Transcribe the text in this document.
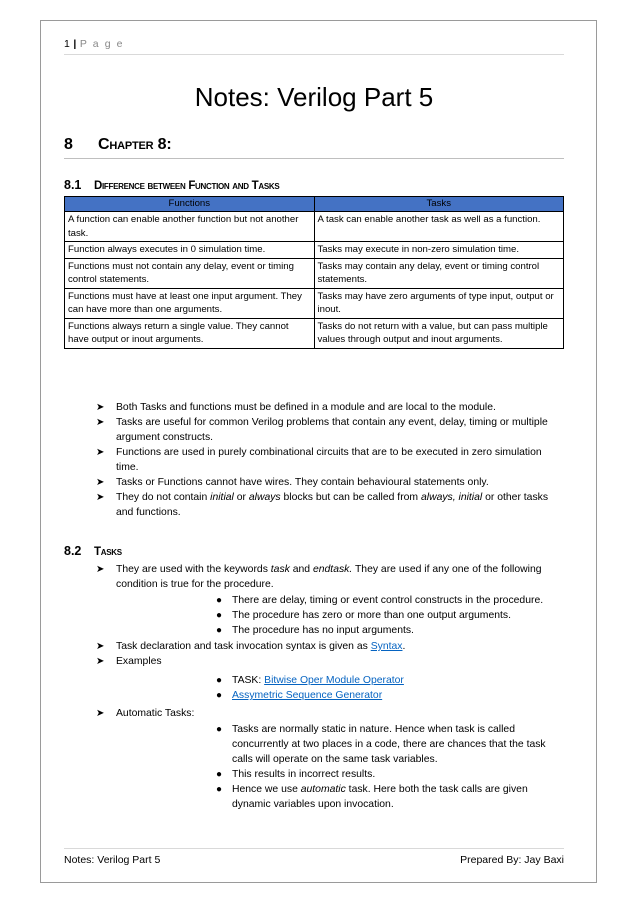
1 | P a g e
Notes: Verilog Part 5
8 Chapter 8:
8.1 Difference between Function and Tasks
Functions	Tasks
A function can enable another function but not another task.	A task can enable another task as well as a function.
Function always executes in 0 simulation time.	Tasks may execute in non-zero simulation time.
Functions must not contain any delay, event or timing control statements.	Tasks may contain any delay, event or timing control statements.
Functions must have at least one input argument. They can have more than one arguments.	Tasks may have zero arguments of type input, output or inout.
Functions always return a single value. They cannot have output or inout arguments.	Tasks do not return with a value, but can pass multiple values through output and inout arguments.
➤ Both Tasks and functions must be defined in a module and are local to the module.
➤ Tasks are useful for common Verilog problems that contain any event, delay, timing or multiple argument constructs.
➤ Functions are used in purely combinational circuits that are to be executed in zero simulation time.
➤ Tasks or Functions cannot have wires. They contain behavioural statements only.
➤ They do not contain initial or always blocks but can be called from always, initial or other tasks and functions.
8.2 Tasks
➤ They are used with the keywords task and endtask. They are used if any one of the following condition is true for the procedure.
● There are delay, timing or event control constructs in the procedure.
● The procedure has zero or more than one output arguments.
● The procedure has no input arguments.
➤ Task declaration and task invocation syntax is given as Syntax.
➤ Examples
● TASK: Bitwise Oper Module Operator
● Assymetric Sequence Generator
➤ Automatic Tasks:
● Tasks are normally static in nature. Hence when task is called concurrently at two places in a code, there are chances that the task calls will operate on the same task variables.
● This results in incorrect results.
● Hence we use automatic task. Here both the task calls are given dynamic variables upon invocation.
Notes: Verilog Part 5	Prepared By: Jay Baxi
